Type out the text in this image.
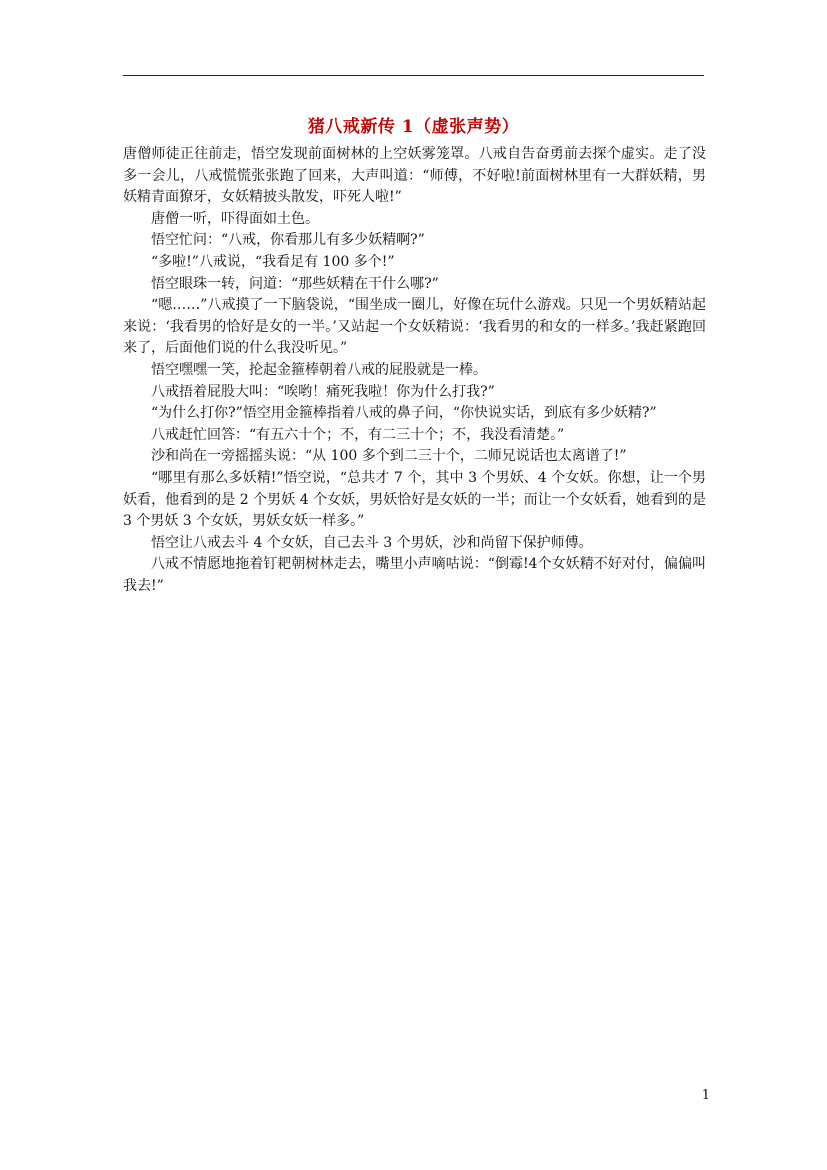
猪八戒新传 1（虚张声势）

唐僧师徒正往前走，悟空发现前面树林的上空妖雾笼罩。八戒自告奋勇前去探个虚实。走了没多一会儿，八戒慌慌张张跑了回来，大声叫道：“师傅，不好啦!前面树林里有一大群妖精，男妖精青面獠牙，女妖精披头散发，吓死人啦!”

唐僧一听，吓得面如土色。

悟空忙问：“八戒，你看那儿有多少妖精啊?”

“多啦!”八戒说，“我看足有 100 多个!”

悟空眼珠一转，问道：“那些妖精在干什么哪?”

“嗯……”八戒摸了一下脑袋说，“围坐成一圈儿，好像在玩什么游戏。只见一个男妖精站起来说：‘我看男的恰好是女的一半。’又站起一个女妖精说：‘我看男的和女的一样多。’我赶紧跑回来了，后面他们说的什么我没听见。”

悟空嘿嘿一笑，抡起金箍棒朝着八戒的屁股就是一棒。

八戒捂着屁股大叫：“唉哟！痛死我啦！你为什么打我?”

“为什么打你?”悟空用金箍棒指着八戒的鼻子问，“你快说实话，到底有多少妖精?”

八戒赶忙回答：“有五六十个；不，有二三十个；不，我没看清楚。”

沙和尚在一旁摇摇头说：“从 100 多个到二三十个，二师兄说话也太离谱了!”

“哪里有那么多妖精!”悟空说，“总共才 7 个，其中 3 个男妖、4 个女妖。你想，让一个男妖看，他看到的是 2 个男妖 4 个女妖，男妖恰好是女妖的一半；而让一个女妖看，她看到的是 3 个男妖 3 个女妖，男妖女妖一样多。”

悟空让八戒去斗 4 个女妖，自己去斗 3 个男妖，沙和尚留下保护师傅。

八戒不情愿地拖着钉耙朝树林走去，嘴里小声嘀咕说：“倒霉!4个女妖精不好对付，偏偏叫我去!”

1
